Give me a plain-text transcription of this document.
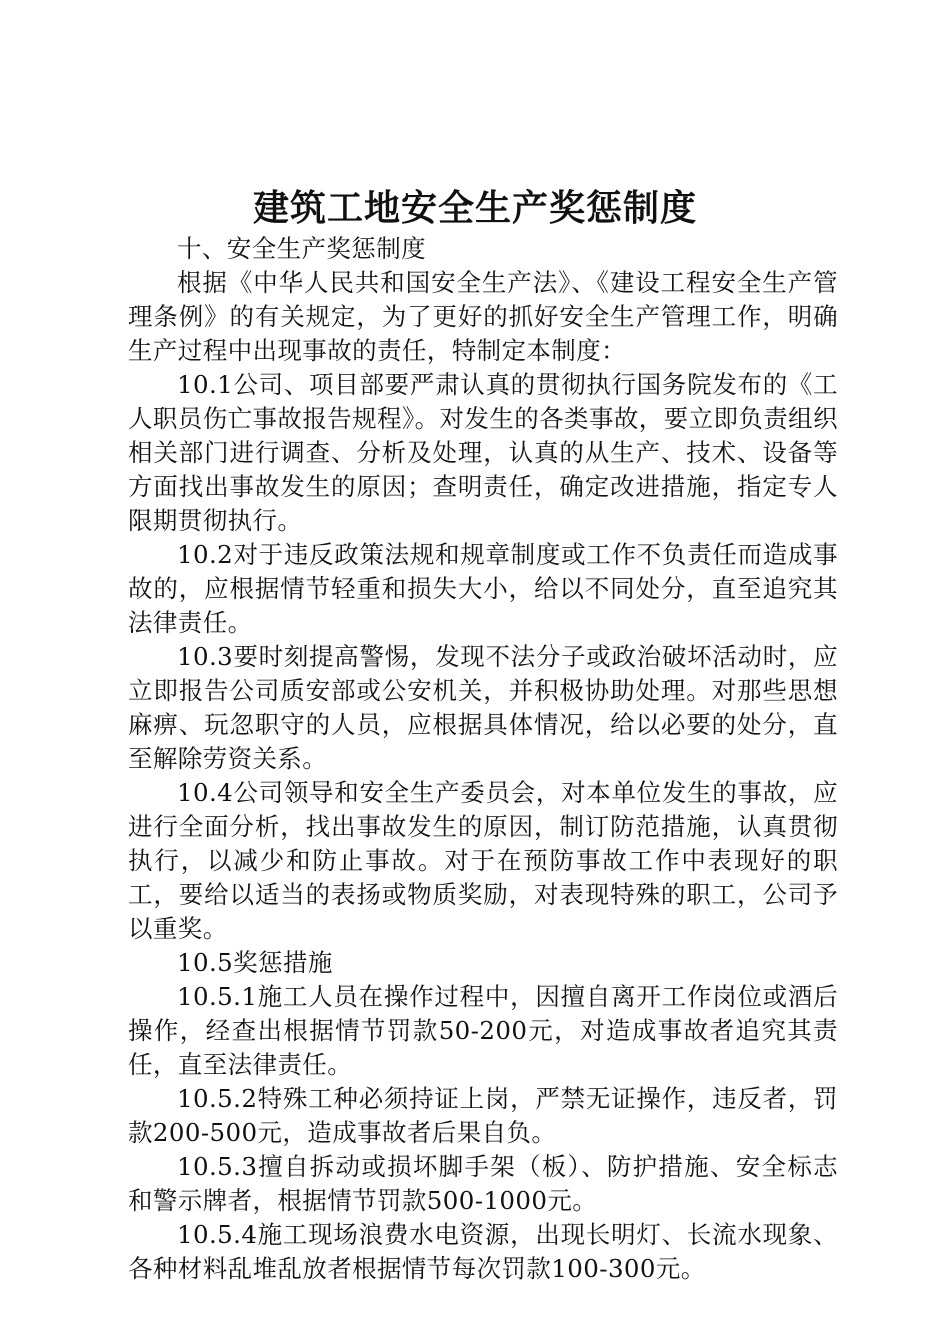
建筑工地安全生产奖惩制度

十、安全生产奖惩制度

根据《中华人民共和国安全生产法》、《建设工程安全生产管理条例》的有关规定，为了更好的抓好安全生产管理工作，明确生产过程中出现事故的责任，特制定本制度：

10.1公司、项目部要严肃认真的贯彻执行国务院发布的《工人职员伤亡事故报告规程》。对发生的各类事故，要立即负责组织相关部门进行调查、分析及处理，认真的从生产、技术、设备等方面找出事故发生的原因；查明责任，确定改进措施，指定专人限期贯彻执行。

10.2对于违反政策法规和规章制度或工作不负责任而造成事故的，应根据情节轻重和损失大小，给以不同处分，直至追究其法律责任。

10.3要时刻提高警惕，发现不法分子或政治破坏活动时，应立即报告公司质安部或公安机关，并积极协助处理。对那些思想麻痹、玩忽职守的人员，应根据具体情况，给以必要的处分，直至解除劳资关系。

10.4公司领导和安全生产委员会，对本单位发生的事故，应进行全面分析，找出事故发生的原因，制订防范措施，认真贯彻执行，以减少和防止事故。对于在预防事故工作中表现好的职工，要给以适当的表扬或物质奖励，对表现特殊的职工，公司予以重奖。

10.5奖惩措施

10.5.1施工人员在操作过程中，因擅自离开工作岗位或酒后操作，经查出根据情节罚款50-200元，对造成事故者追究其责任，直至法律责任。

10.5.2特殊工种必须持证上岗，严禁无证操作，违反者，罚款200-500元，造成事故者后果自负。

10.5.3擅自拆动或损坏脚手架（板）、防护措施、安全标志和警示牌者，根据情节罚款500-1000元。

10.5.4施工现场浪费水电资源，出现长明灯、长流水现象、各种材料乱堆乱放者根据情节每次罚款100-300元。
